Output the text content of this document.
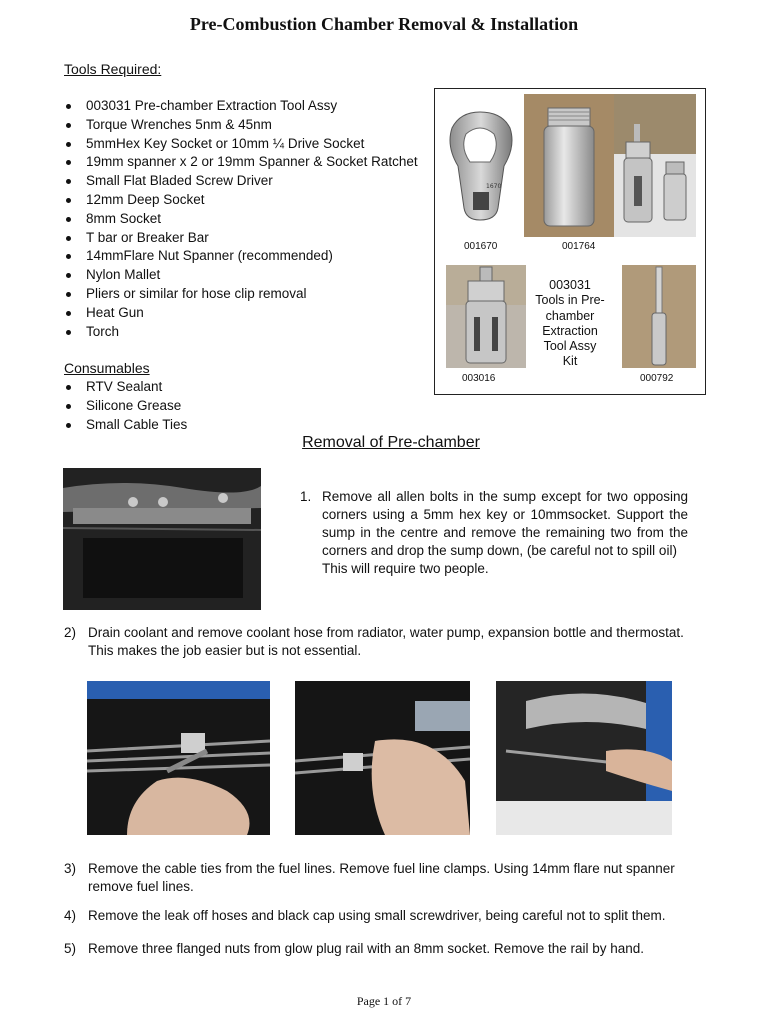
Pre-Combustion Chamber Removal & Installation
Tools Required:
003031 Pre-chamber Extraction Tool Assy
Torque Wrenches 5nm & 45nm
5mmHex Key Socket or 10mm ¼ Drive Socket
19mm spanner x 2 or 19mm Spanner & Socket Ratchet
Small Flat Bladed Screw Driver
12mm Deep Socket
8mm Socket
T bar or Breaker Bar
14mmFlare Nut Spanner (recommended)
Nylon Mallet
Pliers or similar for hose clip removal
Heat Gun
Torch
Consumables
RTV Sealant
Silicone Grease
Small Cable Ties
1670
001670	001764
003031
Tools in Pre-
chamber
Extraction
Tool Assy
Kit
003016	000792
Removal of Pre-chamber
1. Remove all allen bolts in the sump except for two opposing corners using a 5mm hex key or 10mmsocket. Support the sump in the centre and remove the remaining two from the corners and drop the sump down, (be careful not to spill oil)
This will require two people.
2) Drain coolant and remove coolant hose from radiator, water pump, expansion bottle and thermostat. This makes the job easier but is not essential.
3) Remove the cable ties from the fuel lines. Remove fuel line clamps. Using 14mm flare nut spanner remove fuel lines.
4) Remove the leak off hoses and black cap using small screwdriver, being careful not to split them.
5) Remove three flanged nuts from glow plug rail with an 8mm socket. Remove the rail by hand.
Page 1 of 7
